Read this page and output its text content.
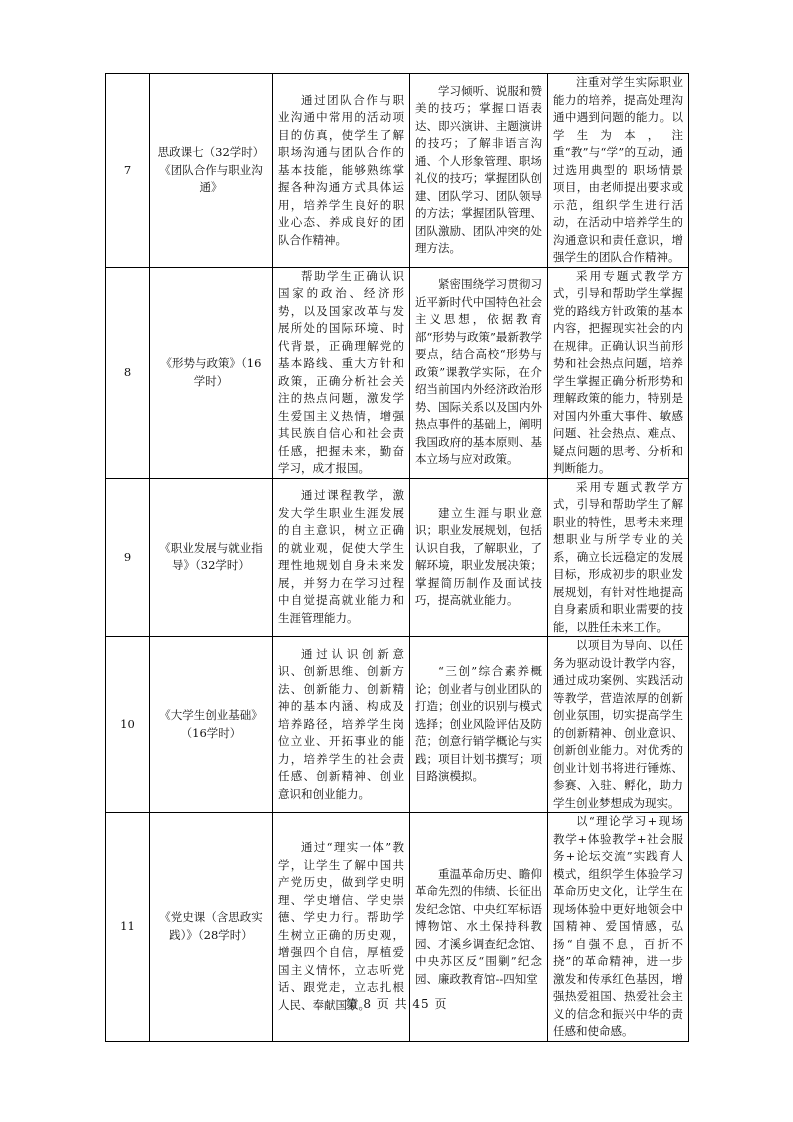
7	思政课七（32学时）《团队合作与职业沟通》	通过团队合作与职业沟通中常用的活动项目的仿真，使学生了解职场沟通与团队合作的基本技能，能够熟练掌握各种沟通方式具体运用，培养学生良好的职业心态、养成良好的团队合作精神。	学习倾听、说服和赞美的技巧；掌握口语表达、即兴演讲、主题演讲的技巧；了解非语言沟通、个人形象管理、职场礼仪的技巧；掌握团队创建、团队学习、团队领导的方法；掌握团队管理、团队激励、团队冲突的处理方法。	注重对学生实际职业能力的培养，提高处理沟通中遇到问题的能力。以学生为本，注重“教”与“学”的互动，通过选用典型的 职场情景项目，由老师提出要求或示范，组织学生进行活动，在活动中培养学生的沟通意识和责任意识，增强学生的团队合作精神。

8	《形势与政策》（16学时）	帮助学生正确认识国家的政治、经济形势，以及国家改革与发展所处的国际环境、时代背景，正确理解党的基本路线、重大方针和政策，正确分析社会关注的热点问题，激发学生爱国主义热情，增强其民族自信心和社会责任感，把握未来，勤奋学习，成才报国。	紧密围绕学习贯彻习近平新时代中国特色社会主义思想，依据教育部“形势与政策”最新教学要点，结合高校“形势与政策”课教学实际，在介绍当前国内外经济政治形势、国际关系以及国内外热点事件的基础上，阐明我国政府的基本原则、基本立场与应对政策。	采用专题式教学方式，引导和帮助学生掌握党的路线方针政策的基本内容，把握现实社会的内在规律。正确认识当前形势和社会热点问题，培养学生掌握正确分析形势和理解政策的能力，特别是对国内外重大事件、敏感问题、社会热点、难点、疑点问题的思考、分析和判断能力。

9	《职业发展与就业指导》（32学时）	通过课程教学，激发大学生职业生涯发展的自主意识，树立正确的就业观，促使大学生理性地规划自身未来发展，并努力在学习过程中自觉提高就业能力和生涯管理能力。	建立生涯与职业意识；职业发展规划，包括认识自我，了解职业，了解环境，职业发展决策；掌握简历制作及面试技巧，提高就业能力。	采用专题式教学方式，引导和帮助学生了解职业的特性，思考未来理想职业与所学专业的关系，确立长远稳定的发展目标，形成初步的职业发展规划，有针对性地提高自身素质和职业需要的技能，以胜任未来工作。

10	《大学生创业基础》（16学时）	通过认识创新意识、创新思维、创新方法、创新能力、创新精神的基本内涵、构成及培养路径，培养学生岗位立业、开拓事业的能力，培养学生的社会责任感、创新精神、创业意识和创业能力。	“三创”综合素养概论；创业者与创业团队的打造；创业的识别与模式选择；创业风险评估及防范；创意行销学概论与实践；项目计划书撰写；项目路演模拟。	以项目为导向、以任务为驱动设计教学内容，通过成功案例、实践活动等教学，营造浓厚的创新创业氛围，切实提高学生的创新精神、创业意识、创新创业能力。对优秀的创业计划书将进行锤炼、参赛、入驻、孵化，助力学生创业梦想成为现实。

11	《党史课（含思政实践）》（28学时）	通过“理实一体”教学，让学生了解中国共产党历史，做到学史明理、学史增信、学史崇德、学史力行。帮助学生树立正确的历史观，增强四个自信，厚植爱国主义情怀，立志听党话、跟党走，立志扎根人民、奉献国家。	重温革命历史、瞻仰革命先烈的伟绩、长征出发纪念馆、中央红军标语博物馆、水土保持科教园、才溪乡调查纪念馆、中央苏区反“围剿”纪念园、廉政教育馆--四知堂	以“理论学习+现场教学+体验教学+社会服务+论坛交流”实践育人模式，组织学生体验学习革命历史文化，让学生在现场体验中更好地领会中国精神、爱国情感，弘扬“自强不息，百折不挠”的革命精神，进一步激发和传承红色基因，增强热爱祖国、热爱社会主义的信念和振兴中华的责任感和使命感。
第 8 页 共 45 页
